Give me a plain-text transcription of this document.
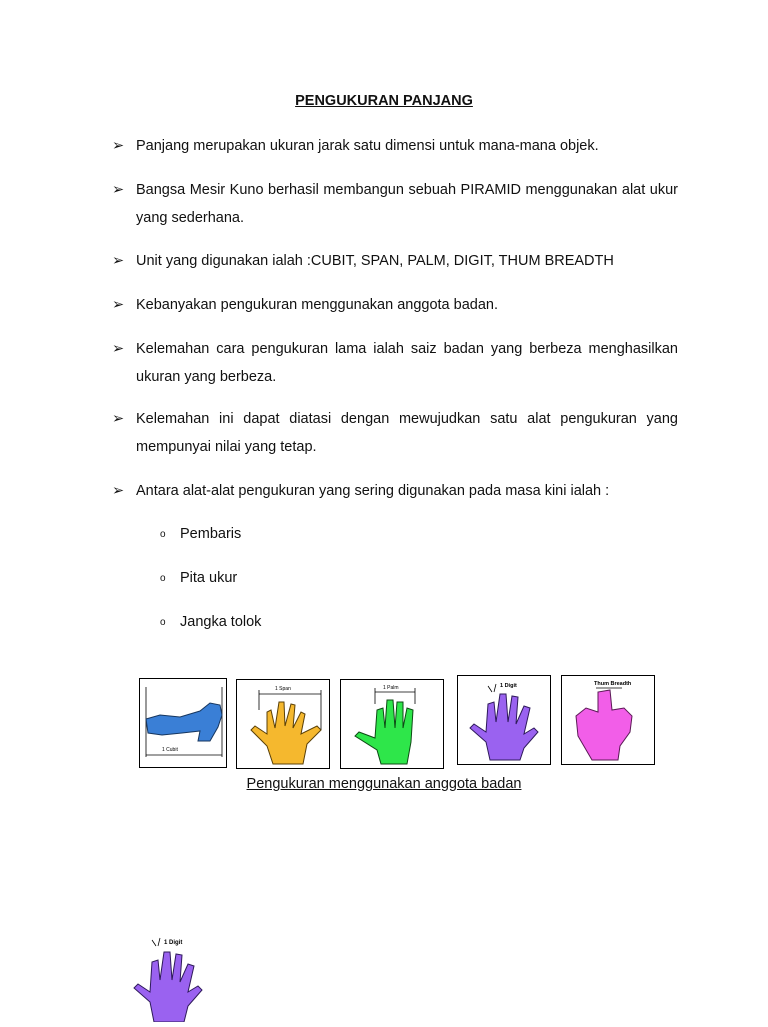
PENGUKURAN PANJANG
➢ Panjang merupakan ukuran jarak satu dimensi untuk mana-mana objek.
➢ Bangsa Mesir Kuno berhasil membangun sebuah PIRAMID menggunakan alat ukur yang sederhana.
➢ Unit yang digunakan ialah :CUBIT, SPAN, PALM, DIGIT, THUM BREADTH
➢ Kebanyakan pengukuran menggunakan anggota badan.
➢ Kelemahan cara pengukuran lama ialah saiz badan yang berbeza menghasilkan ukuran yang berbeza.
➢ Kelemahan ini dapat diatasi dengan mewujudkan satu alat pengukuran yang mempunyai nilai yang tetap.
➢ Antara alat-alat pengukuran yang sering digunakan pada masa kini ialah :
o Pembaris
o Pita ukur
o Jangka tolok
1 Cubit
1 Span	1 Palm	1 Digit	Thum Breadth
Pengukuran menggunakan anggota badan
1 Digit
